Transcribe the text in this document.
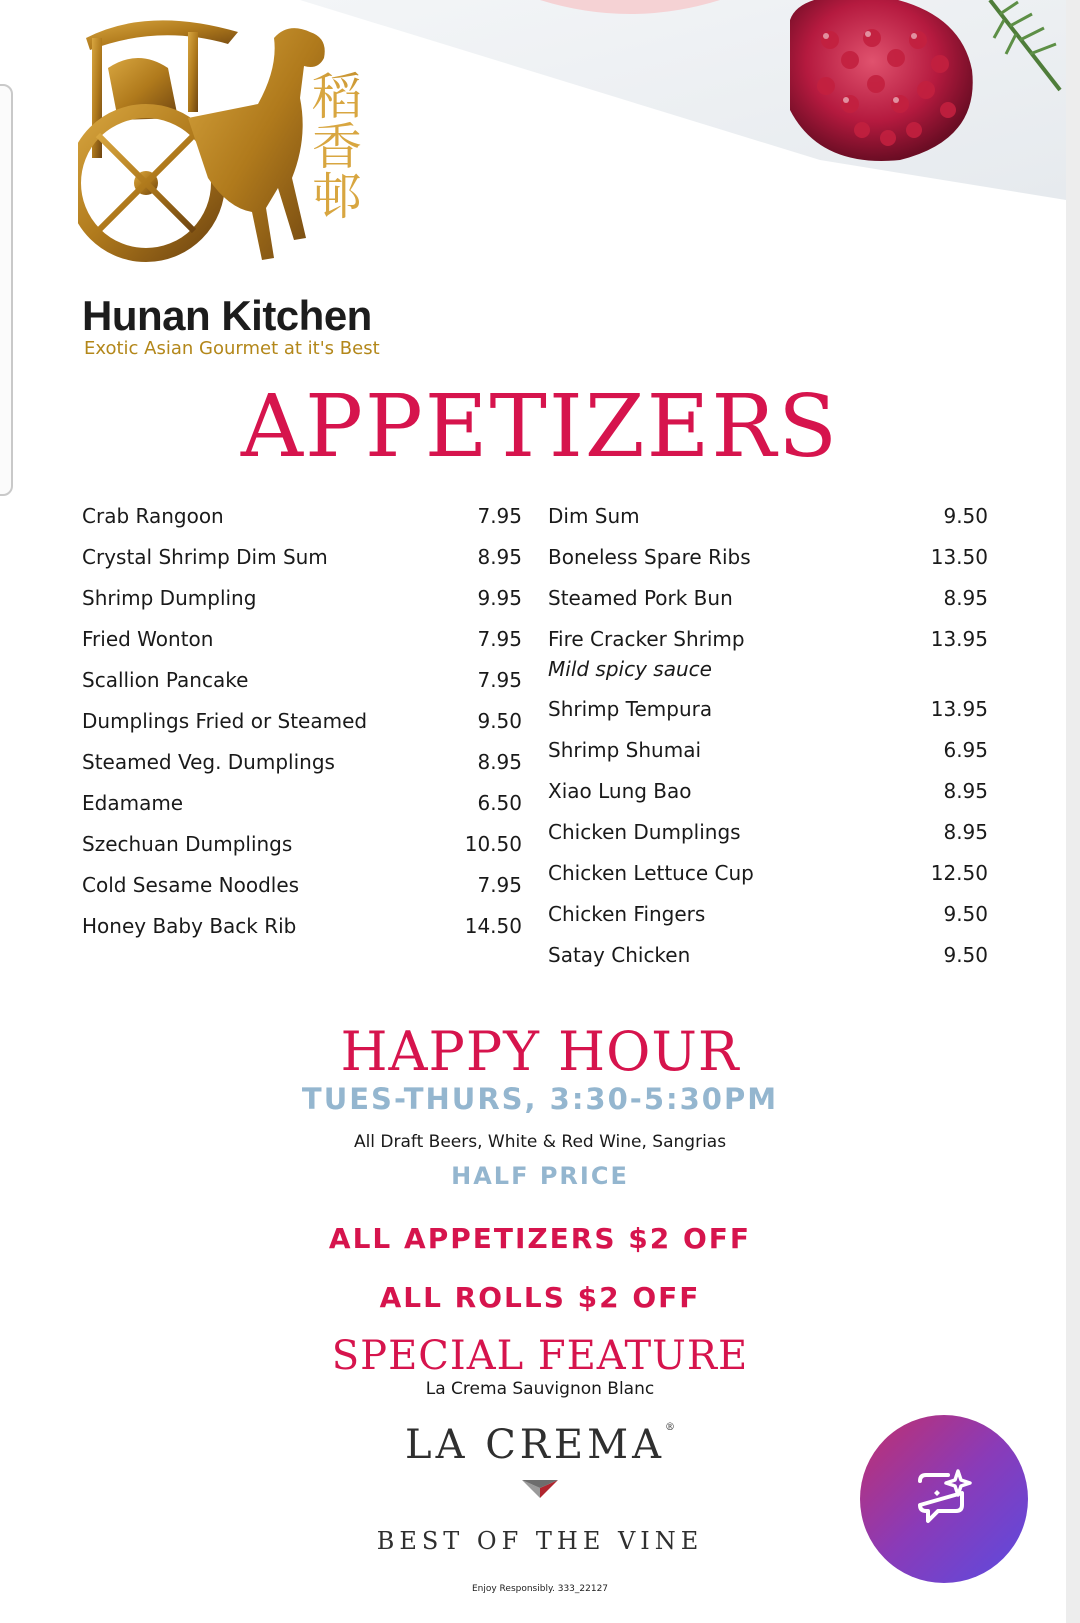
稻香邨
Hunan Kitchen
Exotic Asian Gourmet at it's Best
APPETIZERS
Crab Rangoon	7.95
Crystal Shrimp Dim Sum	8.95
Shrimp Dumpling	9.95
Fried Wonton	7.95
Scallion Pancake	7.95
Dumplings Fried or Steamed	9.50
Steamed Veg. Dumplings	8.95
Edamame	6.50
Szechuan Dumplings	10.50
Cold Sesame Noodles	7.95
Honey Baby Back Rib	14.50
Dim Sum	9.50
Boneless Spare Ribs	13.50
Steamed Pork Bun	8.95
Fire Cracker Shrimp	13.95
Mild spicy sauce
Shrimp Tempura	13.95
Shrimp Shumai	6.95
Xiao Lung Bao	8.95
Chicken Dumplings	8.95
Chicken Lettuce Cup	12.50
Chicken Fingers	9.50
Satay Chicken	9.50
HAPPY HOUR
TUES-THURS, 3:30-5:30PM
All Draft Beers, White & Red Wine, Sangrias
HALF PRICE
ALL APPETIZERS $2 OFF
ALL ROLLS $2 OFF
SPECIAL FEATURE
La Crema Sauvignon Blanc
LA CREMA®
BEST OF THE VINE
Enjoy Responsibly. 333_22127
